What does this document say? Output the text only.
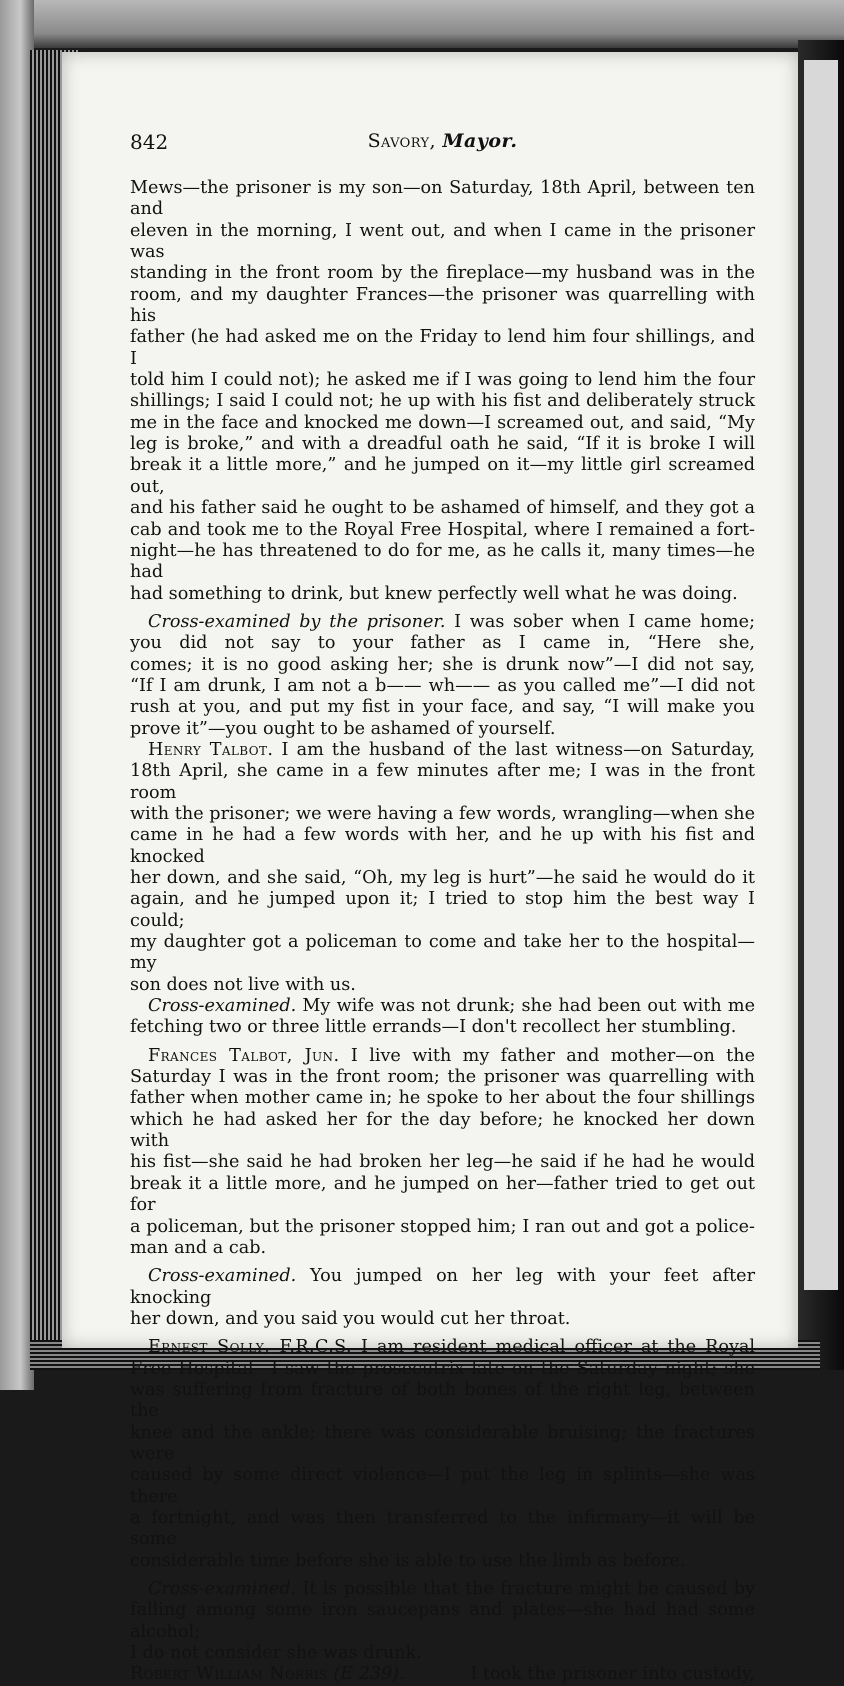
842	Savory, Mayor.

Mews—the prisoner is my son—on Saturday, 18th April, between ten and

eleven in the morning, I went out, and when I came in the prisoner was

standing in the front room by the fireplace—my husband was in the

room, and my daughter Frances—the prisoner was quarrelling with his

father (he had asked me on the Friday to lend him four shillings, and I

told him I could not); he asked me if I was going to lend him the four

shillings; I said I could not; he up with his fist and deliberately struck

me in the face and knocked me down—I screamed out, and said, “My

leg is broke,” and with a dreadful oath he said, “If it is broke I will

break it a little more,” and he jumped on it—my little girl screamed out,

and his father said he ought to be ashamed of himself, and they got a

cab and took me to the Royal Free Hospital, where I remained a fort-

night—he has threatened to do for me, as he calls it, many times—he had

had something to drink, but knew perfectly well what he was doing.

Cross-examined by the prisoner. I was sober when I came home;

you did not say to your father as I came in, “Here she,

comes; it is no good asking her; she is drunk now”—I did not say,

“If I am drunk, I am not a b—— wh—— as you called me”—I did not

rush at you, and put my fist in your face, and say, “I will make you

prove it”—you ought to be ashamed of yourself.

Henry Talbot. I am the husband of the last witness—on Saturday,

18th April, she came in a few minutes after me; I was in the front room

with the prisoner; we were having a few words, wrangling—when she

came in he had a few words with her, and he up with his fist and knocked

her down, and she said, “Oh, my leg is hurt”—he said he would do it

again, and he jumped upon it; I tried to stop him the best way I could;

my daughter got a policeman to come and take her to the hospital—my

son does not live with us.

Cross-examined. My wife was not drunk; she had been out with me

fetching two or three little errands—I don't recollect her stumbling.

Frances Talbot, Jun. I live with my father and mother—on the

Saturday I was in the front room; the prisoner was quarrelling with

father when mother came in; he spoke to her about the four shillings

which he had asked her for the day before; he knocked her down with

his fist—she said he had broken her leg—he said if he had he would

break it a little more, and he jumped on her—father tried to get out for

a policeman, but the prisoner stopped him; I ran out and got a police-

man and a cab.

Cross-examined. You jumped on her leg with your feet after knocking

her down, and you said you would cut her throat.

Ernest Solly, F.R.C.S. I am resident medical officer at the Royal

Free Hospital—I saw the prosecutrix late on the Saturday night; she

was suffering from fracture of both bones of the right leg, between the

knee and the ankle; there was considerable bruising; the fractures were

caused by some direct violence—I put the leg in splints—she was there

a fortnight, and was then transferred to the infirmary—it will be some

considerable time before she is able to use the limb as before.

Cross-examined. It is possible that the fracture might be caused by

falling among some iron saucepans and plates—she had had some alcohol;

I do not consider she was drunk.

Robert William Norris (E 239).	I took the prisoner into custody,
